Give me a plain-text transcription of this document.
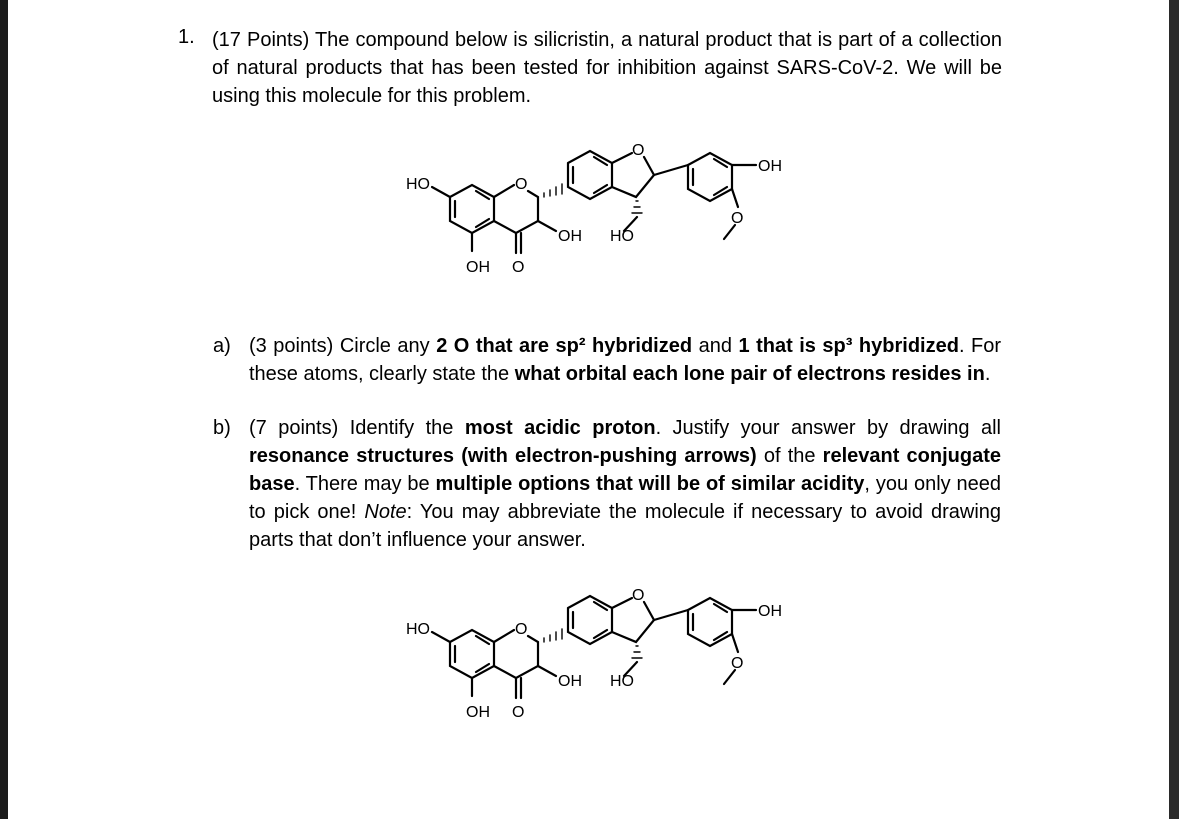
1. (17 Points) The compound below is silicristin, a natural product that is part of a collection of natural products that has been tested for inhibition against SARS-CoV-2. We will be using this molecule for this problem.
HO
OH O
O
OH HO
O
O
OH
a) (3 points) Circle any 2 O that are sp² hybridized and 1 that is sp³ hybridized. For these atoms, clearly state the what orbital each lone pair of electrons resides in.
b) (7 points) Identify the most acidic proton. Justify your answer by drawing all resonance structures (with electron-pushing arrows) of the relevant conjugate base. There may be multiple options that will be of similar acidity, you only need to pick one! Note: You may abbreviate the molecule if necessary to avoid drawing parts that don’t influence your answer.
HO
OH O
O
OH HO
O
O
OH
